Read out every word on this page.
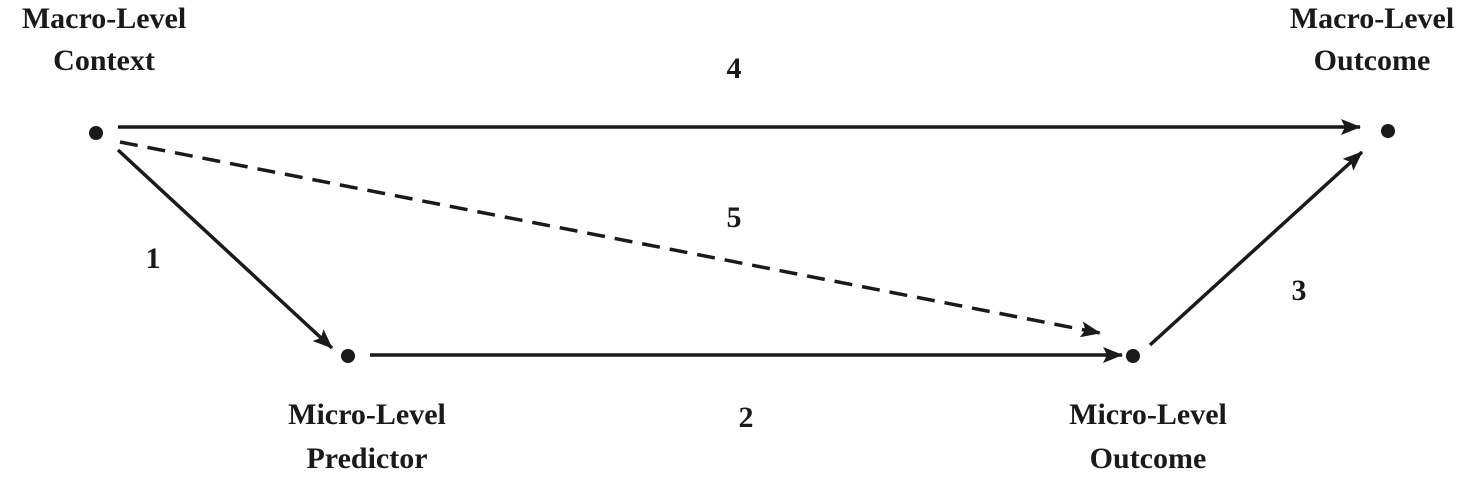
Macro-Level
Context
Macro-Level
Outcome
Micro-Level
Predictor
Micro-Level
Outcome
4
5
1
2
3
